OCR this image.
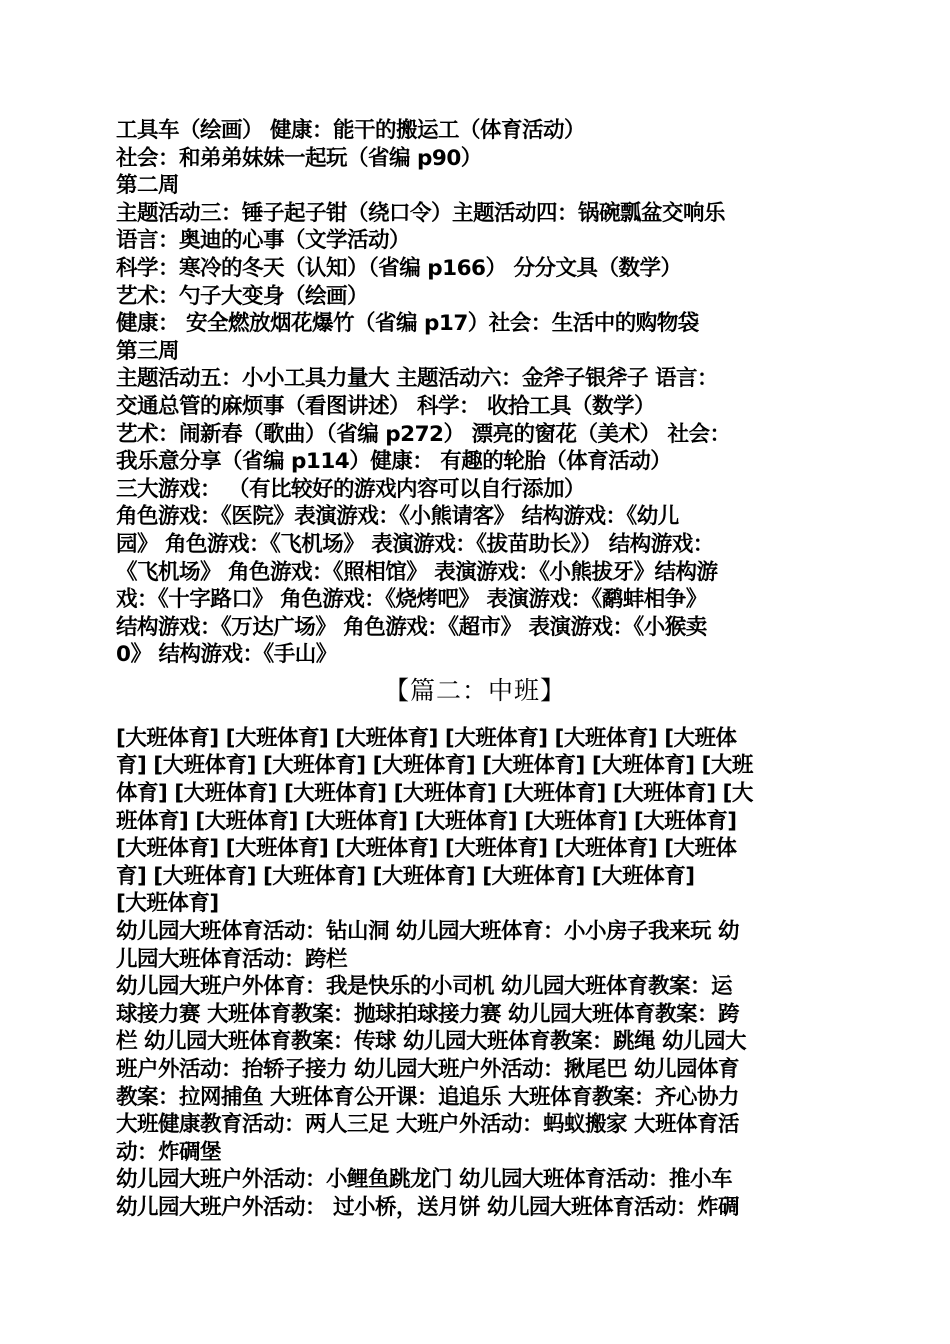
工具车（绘画） 健康：能干的搬运工（体育活动）
社会：和弟弟妹妹一起玩（省编 p90）
第二周
主题活动三：锤子起子钳（绕口令）主题活动四：锅碗瓢盆交响乐
语言：奥迪的心事（文学活动）
科学：寒冷的冬天（认知）（省编 p166） 分分文具（数学）
艺术：勺子大变身（绘画）
健康： 安全燃放烟花爆竹（省编 p17）社会：生活中的购物袋
第三周
主题活动五：小小工具力量大 主题活动六：金斧子银斧子 语言：
交通总管的麻烦事（看图讲述） 科学： 收拾工具（数学）
艺术：闹新春（歌曲）（省编 p272） 漂亮的窗花（美术） 社会：
我乐意分享（省编 p114）健康： 有趣的轮胎（体育活动）
三大游戏： （有比较好的游戏内容可以自行添加）
角色游戏：《医院》表演游戏：《小熊请客》 结构游戏：《幼儿
园》 角色游戏：《飞机场》 表演游戏：《拔苗助长》） 结构游戏：
《飞机场》 角色游戏：《照相馆》 表演游戏：《小熊拔牙》结构游
戏：《十字路口》 角色游戏：《烧烤吧》 表演游戏：《鹬蚌相争》
结构游戏：《万达广场》 角色游戏：《超市》 表演游戏：《小猴卖
0》 结构游戏：《手山》
【篇二：中班】
[大班体育] [大班体育] [大班体育] [大班体育] [大班体育] [大班体
育] [大班体育] [大班体育] [大班体育] [大班体育] [大班体育] [大班
体育] [大班体育] [大班体育] [大班体育] [大班体育] [大班体育] [大
班体育] [大班体育] [大班体育] [大班体育] [大班体育] [大班体育]
[大班体育] [大班体育] [大班体育] [大班体育] [大班体育] [大班体
育] [大班体育] [大班体育] [大班体育] [大班体育] [大班体育]
[大班体育]
幼儿园大班体育活动：钻山洞 幼儿园大班体育：小小房子我来玩 幼
儿园大班体育活动：跨栏
幼儿园大班户外体育：我是快乐的小司机 幼儿园大班体育教案：运
球接力赛 大班体育教案：抛球拍球接力赛 幼儿园大班体育教案：跨
栏 幼儿园大班体育教案：传球 幼儿园大班体育教案：跳绳 幼儿园大
班户外活动：抬轿子接力 幼儿园大班户外活动：揪尾巴 幼儿园体育
教案：拉网捕鱼 大班体育公开课：追追乐 大班体育教案：齐心协力
大班健康教育活动：两人三足 大班户外活动：蚂蚁搬家 大班体育活
动：炸碉堡
幼儿园大班户外活动：小鲤鱼跳龙门 幼儿园大班体育活动：推小车
幼儿园大班户外活动： 过小桥，送月饼 幼儿园大班体育活动：炸碉
